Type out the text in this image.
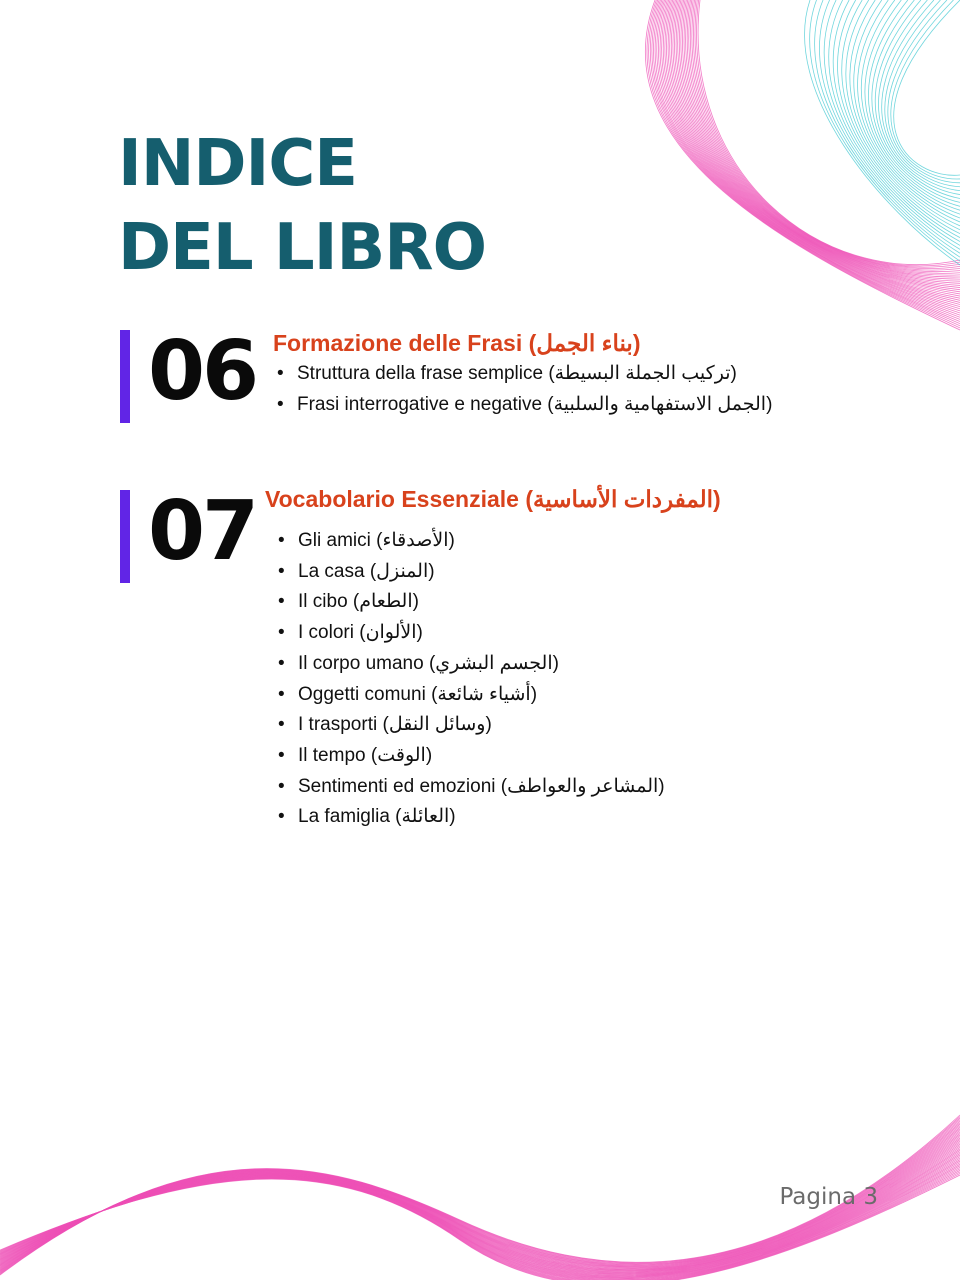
INDICE
DEL LIBRO
06 Formazione delle Frasi (بناء الجمل)
• Struttura della frase semplice (تركيب الجملة البسيطة)
• Frasi interrogative e negative (الجمل الاستفهامية والسلبية)
07 Vocabolario Essenziale (المفردات الأساسية)
• Gli amici (الأصدقاء)
• La casa (المنزل)
• Il cibo (الطعام)
• I colori (الألوان)
• Il corpo umano (الجسم البشري)
• Oggetti comuni (أشياء شائعة)
• I trasporti (وسائل النقل)
• Il tempo (الوقت)
• Sentimenti ed emozioni (المشاعر والعواطف)
• La famiglia (العائلة)
Pagina 3
